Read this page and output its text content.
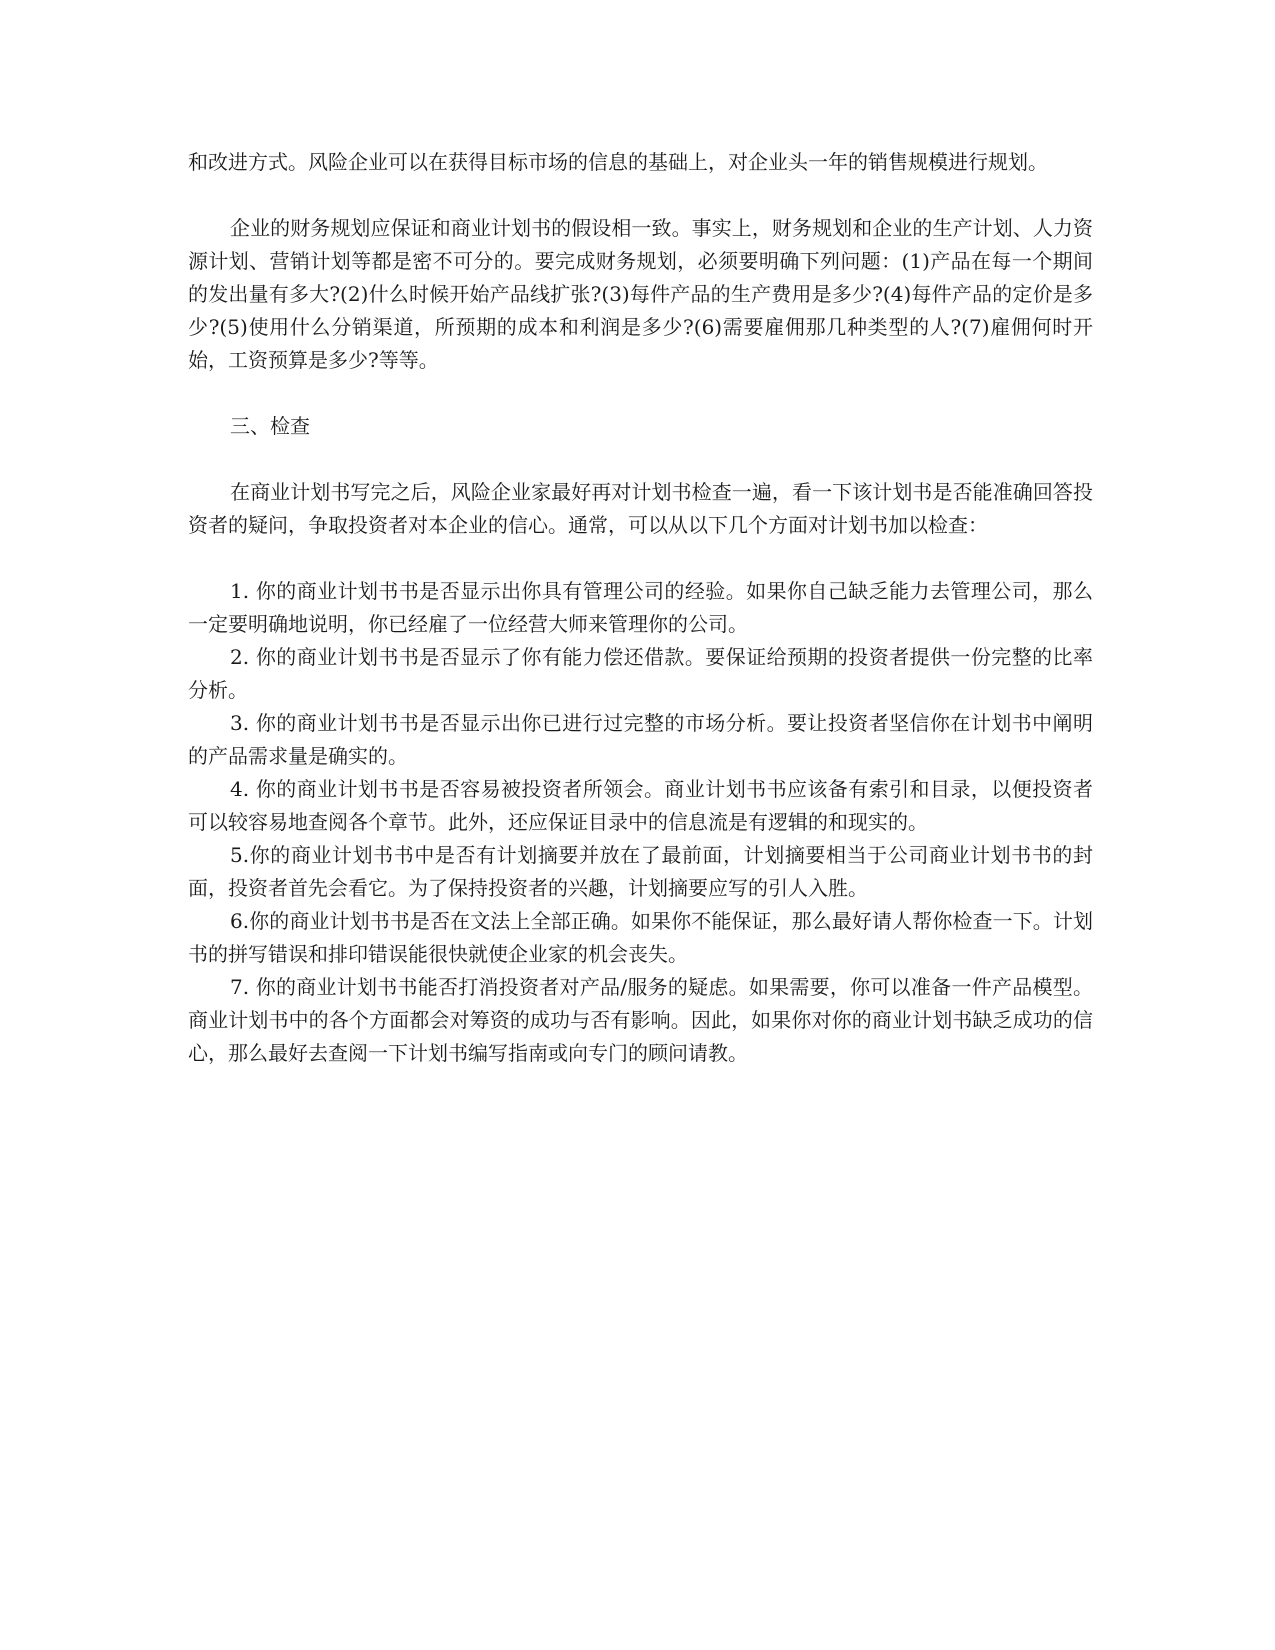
和改进方式。风险企业可以在获得目标市场的信息的基础上，对企业头一年的销售规模进行规划。

企业的财务规划应保证和商业计划书的假设相一致。事实上，财务规划和企业的生产计划、人力资源计划、营销计划等都是密不可分的。要完成财务规划，必须要明确下列问题：(1)产品在每一个期间的发出量有多大?(2)什么时候开始产品线扩张?(3)每件产品的生产费用是多少?(4)每件产品的定价是多少?(5)使用什么分销渠道，所预期的成本和利润是多少?(6)需要雇佣那几种类型的人?(7)雇佣何时开始，工资预算是多少?等等。

三、检查

在商业计划书写完之后，风险企业家最好再对计划书检查一遍，看一下该计划书是否能准确回答投资者的疑问，争取投资者对本企业的信心。通常，可以从以下几个方面对计划书加以检查：

1. 你的商业计划书书是否显示出你具有管理公司的经验。如果你自己缺乏能力去管理公司，那么一定要明确地说明，你已经雇了一位经营大师来管理你的公司。

2. 你的商业计划书书是否显示了你有能力偿还借款。要保证给预期的投资者提供一份完整的比率分析。

3. 你的商业计划书书是否显示出你已进行过完整的市场分析。要让投资者坚信你在计划书中阐明的产品需求量是确实的。

4. 你的商业计划书书是否容易被投资者所领会。商业计划书书应该备有索引和目录，以便投资者可以较容易地查阅各个章节。此外，还应保证目录中的信息流是有逻辑的和现实的。

5.你的商业计划书书中是否有计划摘要并放在了最前面，计划摘要相当于公司商业计划书书的封面，投资者首先会看它。为了保持投资者的兴趣，计划摘要应写的引人入胜。

6.你的商业计划书书是否在文法上全部正确。如果你不能保证，那么最好请人帮你检查一下。计划书的拼写错误和排印错误能很快就使企业家的机会丧失。

7. 你的商业计划书书能否打消投资者对产品/服务的疑虑。如果需要，你可以准备一件产品模型。 商业计划书中的各个方面都会对筹资的成功与否有影响。因此，如果你对你的商业计划书缺乏成功的信心，那么最好去查阅一下计划书编写指南或向专门的顾问请教。
